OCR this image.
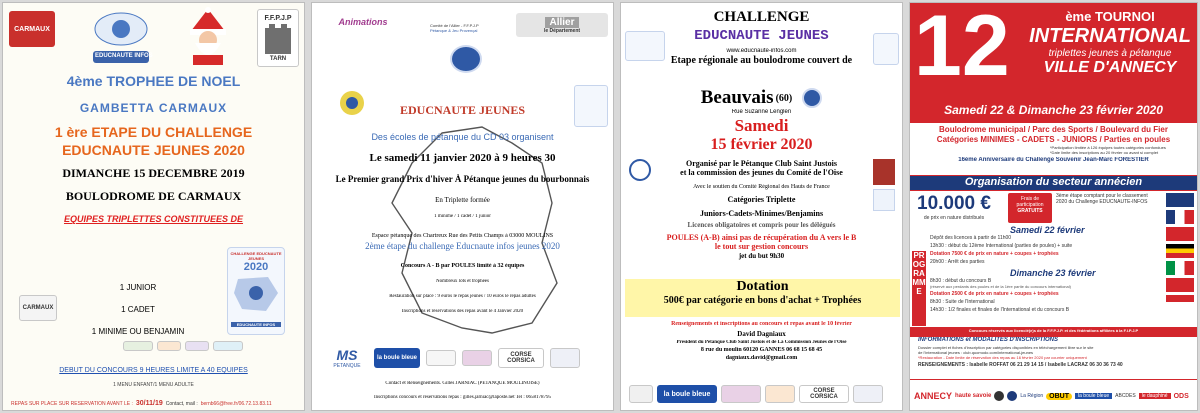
CARMAUX
EDUCNAUTE INFOS
F.F.P.J.P
TARN
4ème TROPHEE DE NOEL
GAMBETTA CARMAUX
1 ère ETAPE DU CHALLENGE
EDUCNAUTE JEUNES 2020
DIMANCHE 15 DECEMBRE 2019
BOULODROME DE CARMAUX
EQUIPES TRIPLETTES CONSTITUEES DE
CHALLENGE EDUCNAUTE JEUNES
2020
EDUCNAUTE INFOS
CARMAUX
1 JUNIOR
1 CADET
1 MINIME OU BENJAMIN
DEBUT DU CONCOURS 9 HEURES LIMITE A 40 EQUIPES
1 MENU ENFANT/1 MENU ADULTE
REPAS SUR PLACE SUR RESERVATION AVANT LE : 30/11/19 Contact, mail : bernb66@free.fr/06.72.13.83.11
Animations	Comité de l'Allier - F.F.P.J.P
Pétanque & Jeu Provençal
Allier
le Département
EDUCNAUTE JEUNES
Des écoles de pétanque du CD 03 organisent
Le samedi 11 janvier 2020 à 9 heures 30
Le Premier grand Prix d'hiver À Pétanque jeunes du bourbonnais
En Triplette formée
1 minime / 1 cadet / 1 junior
Espace pétanque des Chartreux Rue des Petits Champs à 03000 MOULINS
2ème étape du challenge Educnaute infos jeunes 2020
Concours A - B par POULES limité à 32 équipes
Nombreux lots et trophées
Restauration sur place : 9 euros le repas jeunes / 10 euros le repas adultes
Inscriptions et réservations des repas avant le 4 Janvier 2020
MS
PETANQUE
la boule bleue	CORSE
CORSICA
Contact et Renseignements. Gilles JARNIAC (PETANQUE MOULINOISE)
Inscriptions concours et réservations repas : gilles.jarniac@laposte.net Tel : 0658178795
CHALLENGE
EDUCNAUTE JEUNES
www.educnaute-infos.com
Etape régionale au boulodrome couvert de
Beauvais (60)
Rue Suzanne Lenglen
Samedi
15 février 2020
Organisé par le Pétanque Club Saint Justois
et la commission des jeunes du Comité de l'Oise
Avec le soutien du Comité Régional des Hauts de France
Catégories Triplette
Juniors-Cadets-Minimes/Benjamins
Licences obligatoires et compris pour les délégués
POULES (A-B) ainsi pas de récupération du A vers le B
le tout sur gestion concours
jet du but 9h30
Dotation
500€ par catégorie en bons d'achat + Trophées
Renseignements et inscriptions au concours et repas avant le 10 février
David Dagniaux
Président du Pétanque Club Saint Justois et de La Commission Jeunes de l'Oise
8 rue du moulin 60120 GANNES 06 68 15 68 45
dagniaux.david@gmail.com
la boule bleue	CORSE
CORSICA
12	ème TOURNOI
INTERNATIONAL
triplettes jeunes à pétanque
VILLE D'ANNECY
Samedi 22 & Dimanche 23 février 2020
Boulodrome municipal / Parc des Sports / Boulevard du Fier
Catégories MINIMES - CADETS - JUNIORS / Parties en poules
*Participation limitée à 126 équipes toutes catégories confondues
*Date limite des inscriptions au 20 février ou avant si complet
16ème Anniversaire du Challenge Souvenir Jean-Marc FORESTIER
Organisation du secteur annécien
10.000 €
de prix en nature distribués
Frais de
participation
GRATUITS
3ème étape comptant pour le classement 2020 du Challenge EDUCNAUTE-INFOS
Samedi 22 février
Dépôt des licences à partir de 11h00
13h30 : début du 12ème International (parties de poules) + suite
Dotation 7500 € de prix en nature + coupes + trophées
20h00 : Arrêt des parties
Dimanche 23 février
8h30 : début du concours B
(réservé aux perdants des poules et de la 1ère partie du concours international)
Dotation 2500 € de prix en nature + coupes + trophées
8h30 : Suite de l'International
14h30 : 1/2 finales et finales de l'International et du concours B
PROGRAMME
Concours réservés aux licencié(e)s de la F.F.P.J.P. et des fédérations affiliées à la F.I.P.J.P
INFORMATIONS et MODALITES D'INSCRIPTIONS
Dossier complet et fiches d'inscription par catégories disponibles en téléchargement libre sur le site
de l'international jeunes : club.quomodo.com/international-jeunes
*Restauration - Date limite de réservation des repas au 16 février 2020 par courrier uniquement
RENSEIGNEMENTS : Isabelle ROFFAT 06 21 29 14 15 / Isabelle LACRAZ 06 30 36 73 40
ANNECY haute savoie	La Région OBUT	la boule bleue	ABCDES	le dauphiné ODS
